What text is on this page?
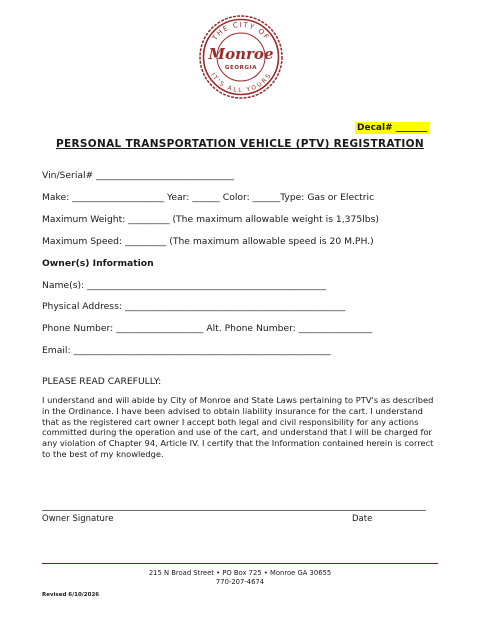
THE CITY OF
IT'S ALL YOURS
Monroe
GEORGIA
Decal# _______
PERSONAL TRANSPORTATION VEHICLE (PTV) REGISTRATION
Vin/Serial# ______________________________
Make: ____________________ Year: ______ Color: ______Type: Gas or Electric
Maximum Weight: _________ (The maximum allowable weight is 1,375lbs)
Maximum Speed: _________ (The maximum allowable speed is 20 M.PH.)
Owner(s) Information
Name(s): ____________________________________________________
Physical Address: ________________________________________________
Phone Number: ___________________ Alt. Phone Number: ________________
Email: ________________________________________________________
PLEASE READ CAREFULLY:
I understand and will abide by City of Monroe and State Laws pertaining to PTV's as described in the Ordinance. I have been advised to obtain liability insurance for the cart. I understand that as the registered cart owner I accept both legal and civil responsibility for any actions committed during the operation and use of the cart, and understand that I will be charged for any violation of Chapter 94, Article IV. I certify that the Information contained herein is correct to the best of my knowledge.
Owner Signature	Date
215 N Broad Street • PO Box 725 • Monroe GA 30655
770-207-4674
Revised 6/10/2026
